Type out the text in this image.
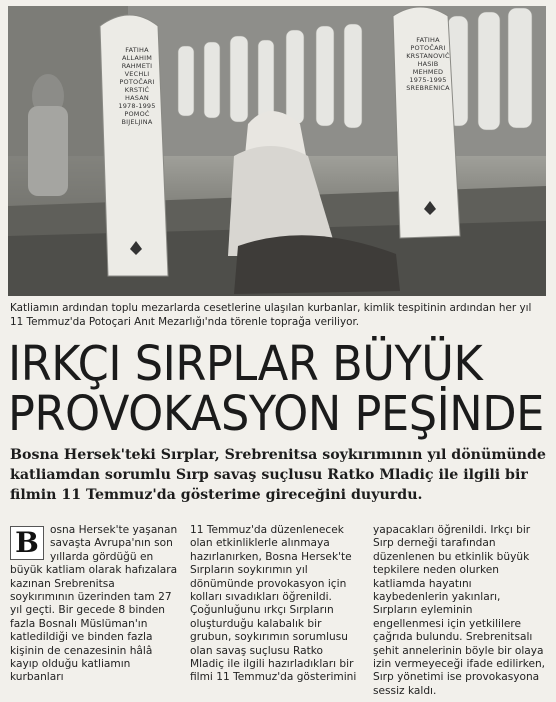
FATIHA
ALLAHIM
RAHMETI
VECHLI
POTOČARI
KRSTIĆ
HASAN
1978-1995
POMOĆ
BIJELJINA
FATIHA
POTOČARI
KRSTANOVIĆ
HASIB
MEHMED
1975-1995
SREBRENICA
Katliamın ardından toplu mezarlarda cesetlerine ulaşılan kurbanlar, kimlik tespitinin ardından her yıl 11 Temmuz'da Potoçari Anıt Mezarlığı'nda törenle toprağa veriliyor.
IRKÇI SIRPLAR BÜYÜK
PROVOKASYON PEŞİNDE
Bosna Hersek'teki Sırplar, Srebrenitsa soykırımının yıl dönümünde katliamdan sorumlu Sırp savaş suçlusu Ratko Mladiç ile ilgili bir filmin 11 Temmuz'da gösterime gireceğini duyurdu.
B	osna Hersek'te yaşanan savaşta Avrupa'nın son yıllarda gördüğü en büyük katliam olarak hafızalara kazınan Srebrenitsa soykırımının üzerinden tam 27 yıl geçti. Bir gecede 8 binden fazla Bosnalı Müslüman'ın katledildiği ve binden fazla kişinin de cenazesinin hâlâ kayıp olduğu katliamın kurbanları
11 Temmuz'da düzenlenecek olan etkinliklerle alınmaya hazırlanırken, Bosna Hersek'te Sırpların soykırımın yıl dönümünde provokasyon için kolları sıvadıkları öğrenildi. Çoğunluğunu ırkçı Sırpların oluşturduğu kalabalık bir grubun, soykırımın sorumlusu olan savaş suçlusu Ratko Mladiç ile ilgili hazırladıkları bir filmi 11 Temmuz'da gösterimini
yapacakları öğrenildi. Irkçı bir Sırp derneği tarafından düzenlenen bu etkinlik büyük tepkilere neden olurken katliamda hayatını kaybedenlerin yakınları, Sırpların eyleminin engellenmesi için yetkililere çağrıda bulundu. Srebrenitsalı şehit annelerinin böyle bir olaya izin vermeyeceği ifade edilirken, Sırp yönetimi ise provokasyona sessiz kaldı.
